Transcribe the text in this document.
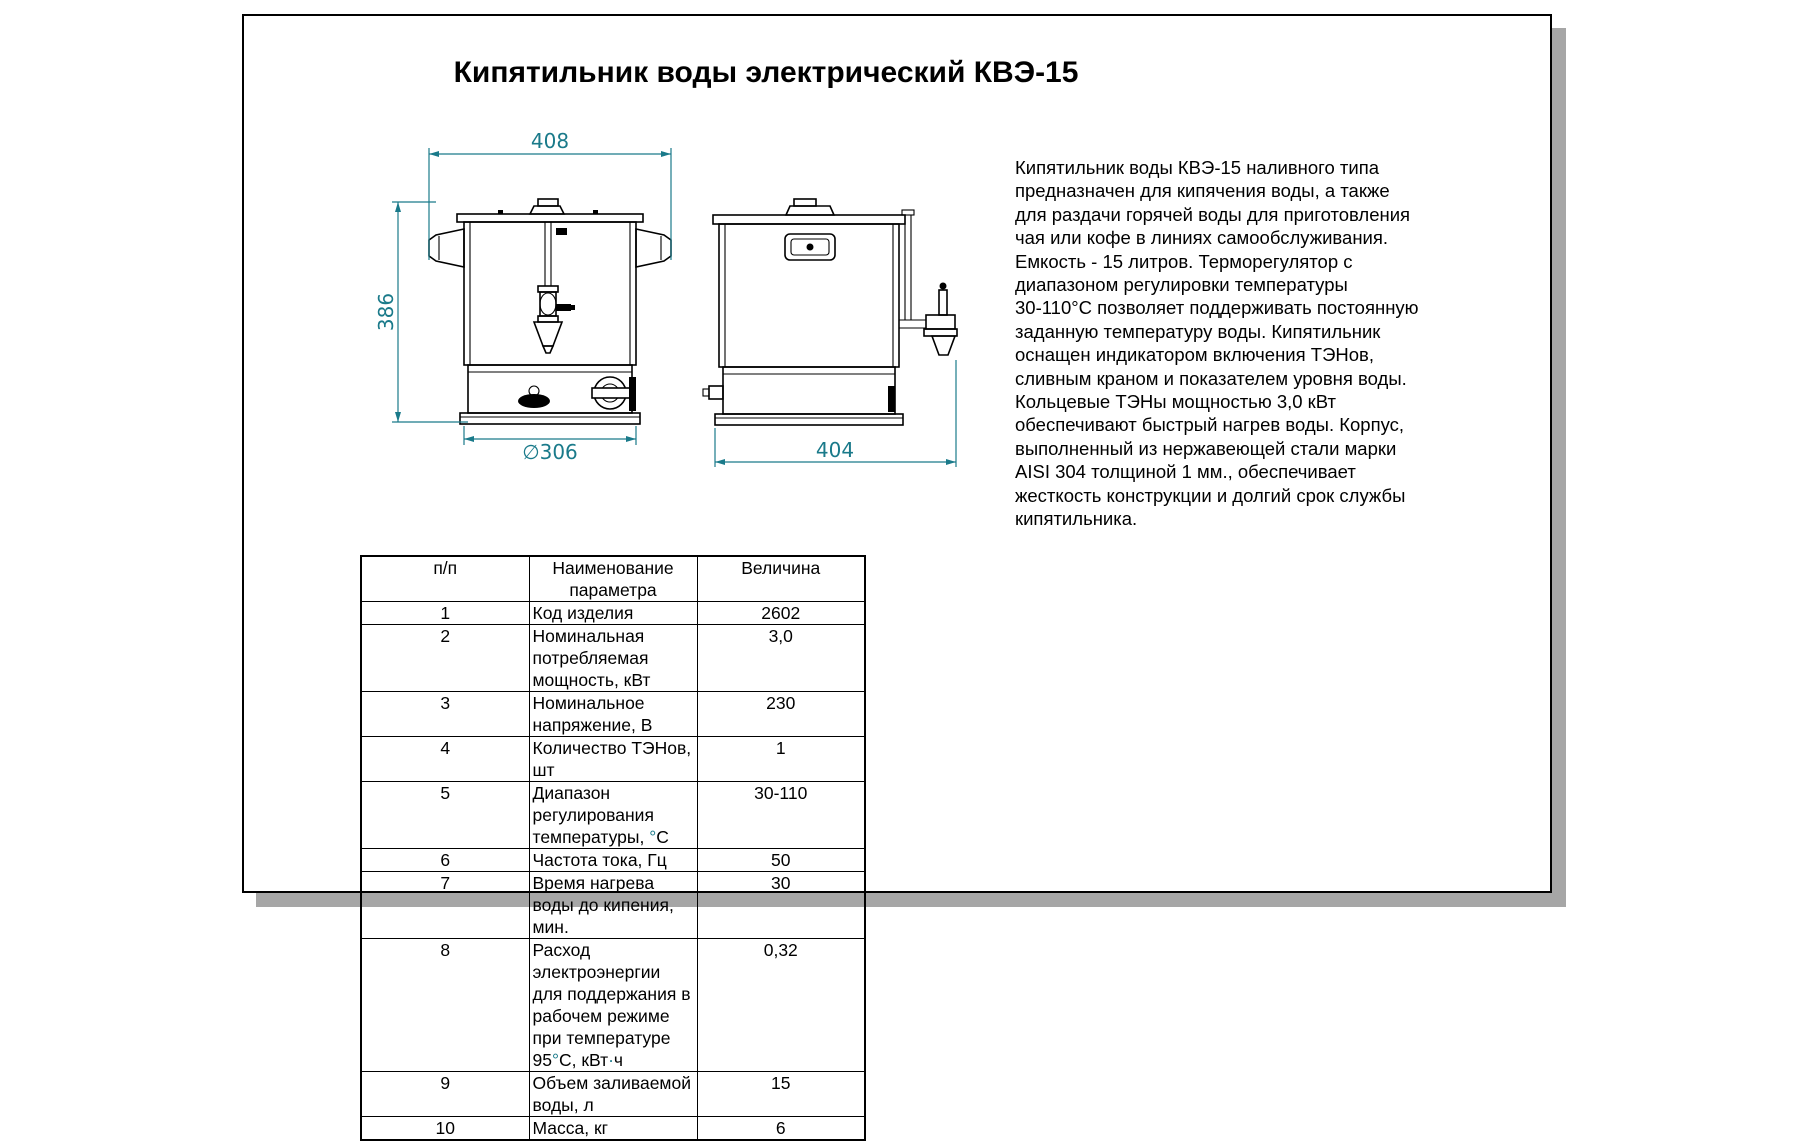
Кипятильник воды электрический КВЭ-15
408
386
∅306	404
Кипятильник воды КВЭ-15 наливного типа
предназначен для кипячения воды, а также
для раздачи горячей воды для приготовления
чая или кофе в линиях самообслуживания.
Емкость - 15 литров. Терморегулятор с
диапазоном регулировки температуры
30-110°С позволяет поддерживать постоянную
заданную температуру воды. Кипятильник
оснащен индикатором включения ТЭНов,
сливным краном и показателем уровня воды.
Кольцевые ТЭНы мощностью 3,0 кВт
обеспечивают быстрый нагрев воды. Корпус,
выполненный из нержавеющей стали марки
AISI 304 толщиной 1 мм., обеспечивает
жесткость конструкции и долгий срок службы
кипятильника.
п/п	Наименование параметра	Величина
1	Код изделия	2602
2	Номинальная потребляемая мощность, кВт	3,0
3	Номинальное напряжение, В	230
4	Количество ТЭНов, шт	1
5	Диапазон регулирования температуры, °С	30-110
6	Частота тока, Гц	50
7	Время нагрева воды до кипения, мин.	30
8	Расход электроэнергии для поддержания в
рабочем режиме при температуре 95°С, кВт·ч	0,32
9	Объем заливаемой воды, л	15
10	Масса, кг	6
